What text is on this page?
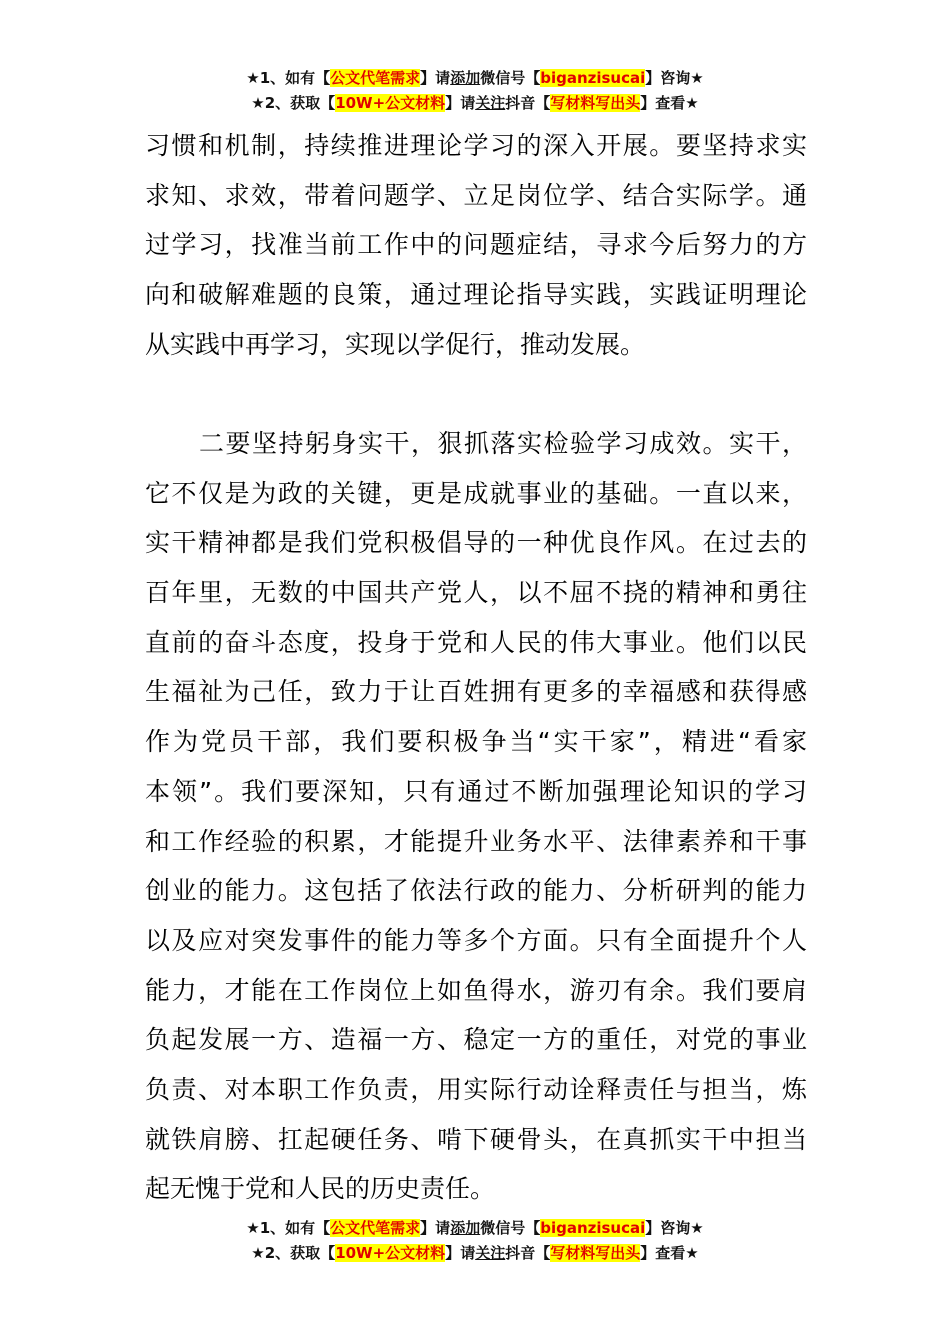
★1、如有【公文代笔需求】请添加微信号【biganzisucai】咨询★
★2、获取【10W+公文材料】请关注抖音【写材料写出头】查看★
习惯和机制，持续推进理论学习的深入开展。要坚持求实
求知、求效，带着问题学、立足岗位学、结合实际学。通
过学习，找准当前工作中的问题症结，寻求今后努力的方
向和破解难题的良策，通过理论指导实践，实践证明理论
从实践中再学习，实现以学促行，推动发展。
二要坚持躬身实干，狠抓落实检验学习成效。实干，
它不仅是为政的关键，更是成就事业的基础。一直以来，
实干精神都是我们党积极倡导的一种优良作风。在过去的
百年里，无数的中国共产党人，以不屈不挠的精神和勇往
直前的奋斗态度，投身于党和人民的伟大事业。他们以民
生福祉为己任，致力于让百姓拥有更多的幸福感和获得感
作为党员干部，我们要积极争当“实干家”，精进“看家
本领”。我们要深知，只有通过不断加强理论知识的学习
和工作经验的积累，才能提升业务水平、法律素养和干事
创业的能力。这包括了依法行政的能力、分析研判的能力
以及应对突发事件的能力等多个方面。只有全面提升个人
能力，才能在工作岗位上如鱼得水，游刃有余。我们要肩
负起发展一方、造福一方、稳定一方的重任，对党的事业
负责、对本职工作负责，用实际行动诠释责任与担当，炼
就铁肩膀、扛起硬任务、啃下硬骨头，在真抓实干中担当
起无愧于党和人民的历史责任。
★1、如有【公文代笔需求】请添加微信号【biganzisucai】咨询★
★2、获取【10W+公文材料】请关注抖音【写材料写出头】查看★
